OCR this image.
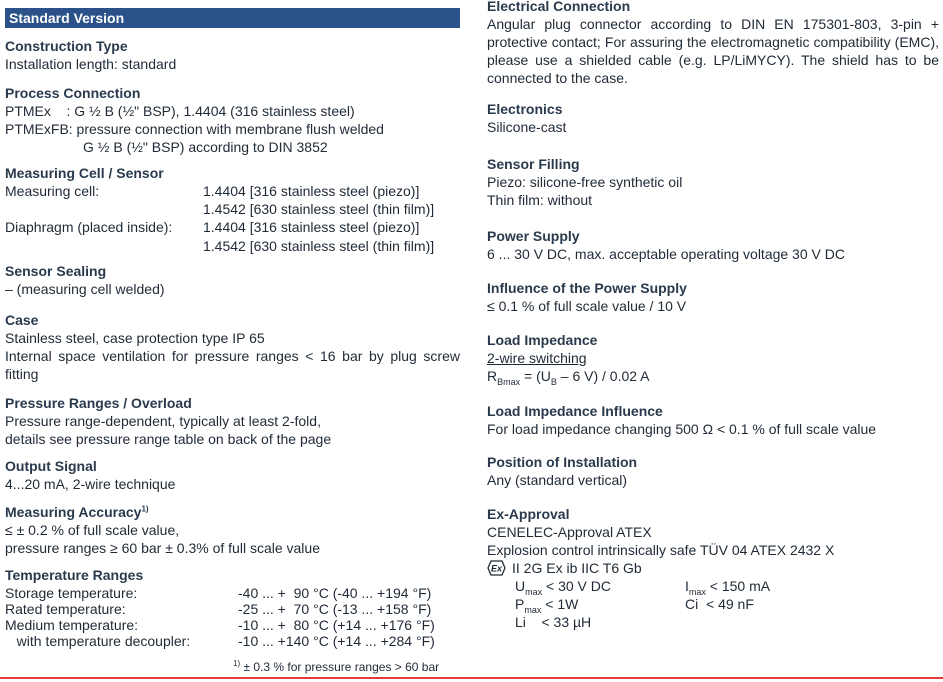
Standard Version
Construction Type
Installation length: standard
Process Connection
PTMEx    : G ½ B (½" BSP), 1.4404 (316 stainless steel)
PTMExFB: pressure connection with membrane flush welded
G ½ B (½" BSP) according to DIN 3852
Measuring Cell / Sensor
Measuring cell:	1.4404 [316 stainless steel (piezo)]
1.4542 [630 stainless steel (thin film)]
Diaphragm (placed inside): 1.4404 [316 stainless steel (piezo)]
1.4542 [630 stainless steel (thin film)]
Sensor Sealing
– (measuring cell welded)
Case
Stainless steel, case protection type IP 65
Internal space ventilation for pressure ranges < 16 bar by plug screw fitting
Pressure Ranges / Overload
Pressure range-dependent, typically at least 2-fold,
details see pressure range table on back of the page
Output Signal
4...20 mA, 2-wire technique
Measuring Accuracy$^{1)}$
≤ ± 0.2 % of full scale value,
pressure ranges ≥ 60 bar ± 0.3% of full scale value
Temperature Ranges
Storage temperature:	-40 ... +  90 °C (-40 ... +194 °F)
Rated temperature:	-25 ... +  70 °C (-13 ... +158 °F)
Medium temperature:	-10 ... +  80 °C (+14 ... +176 °F)
with temperature decoupler:	-10 ... +140 °C (+14 ... +284 °F)
$^{1)}$ ± 0.3 % for pressure ranges > 60 bar
Electrical Connection
Angular plug connector according to DIN EN 175301-803, 3-pin + protective contact; For assuring the electromagnetic compatibility (EMC), please use a shielded cable (e.g. LP/LiMYCY). The shield has to be connected to the case.
Electronics
Silicone-cast
Sensor Filling
Piezo: silicone-free synthetic oil
Thin film: without
Power Supply
6 ... 30 V DC, max. acceptable operating voltage 30 V DC
Influence of the Power Supply
≤ 0.1 % of full scale value / 10 V
Load Impedance
2-wire switching
$R_{Bmax} = (U_B - 6$ V) / 0.02 A
Load Impedance Influence
For load impedance changing 500 Ω < 0.1 % of full scale value
Position of Installation
Any (standard vertical)
Ex-Approval
CENELEC-Approval ATEX
Explosion control intrinsically safe TÜV 04 ATEX 2432 X
Ex II 2G Ex ib IIC T6 Gb
$U_{max} < 30$ V DC	$I_{max} < 150$ mA
$P_{max} < 1W$	Ci  < 49 nF
Li    < 33 µH
